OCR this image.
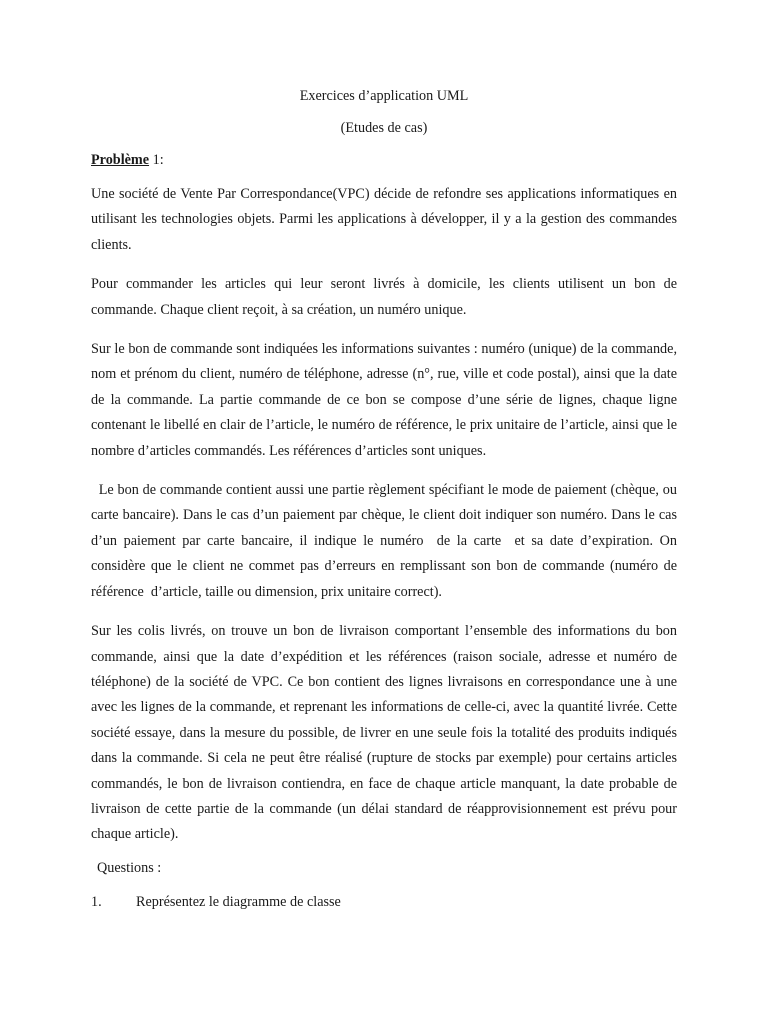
Exercices d’application UML

(Etudes de cas)

Problème 1:

Une société de Vente Par Correspondance(VPC) décide de refondre ses applications informatiques en utilisant les technologies objets. Parmi les applications à développer, il y a la gestion des commandes clients.

Pour commander les articles qui leur seront livrés à domicile, les clients utilisent un bon de commande. Chaque client reçoit, à sa création, un numéro unique.

Sur le bon de commande sont indiquées les informations suivantes : numéro (unique) de la commande, nom et prénom du client, numéro de téléphone, adresse (n°, rue, ville et code postal), ainsi que la date de la commande. La partie commande de ce bon se compose d’une série de lignes, chaque ligne contenant le libellé en clair de l’article, le numéro de référence, le prix unitaire de l’article, ainsi que le nombre d’articles commandés. Les références d’articles sont uniques.

Le bon de commande contient aussi une partie règlement spécifiant le mode de paiement (chèque, ou carte bancaire). Dans le cas d’un paiement par chèque, le client doit indiquer son numéro. Dans le cas d’un paiement par carte bancaire, il indique le numéro  de la carte  et sa date d’expiration. On considère que le client ne commet pas d’erreurs en remplissant son bon de commande (numéro de référence  d’article, taille ou dimension, prix unitaire correct).

Sur les colis livrés, on trouve un bon de livraison comportant l’ensemble des informations du bon commande, ainsi que la date d’expédition et les références (raison sociale, adresse et numéro de téléphone) de la société de VPC. Ce bon contient des lignes livraisons en correspondance une à une avec les lignes de la commande, et reprenant les informations de celle-ci, avec la quantité livrée. Cette société essaye, dans la mesure du possible, de livrer en une seule fois la totalité des produits indiqués dans la commande. Si cela ne peut être réalisé (rupture de stocks par exemple) pour certains articles commandés, le bon de livraison contiendra, en face de chaque article manquant, la date probable de livraison de cette partie de la commande (un délai standard de réapprovisionnement est prévu pour chaque article).

Questions :

1.	Représentez le diagramme de classe
